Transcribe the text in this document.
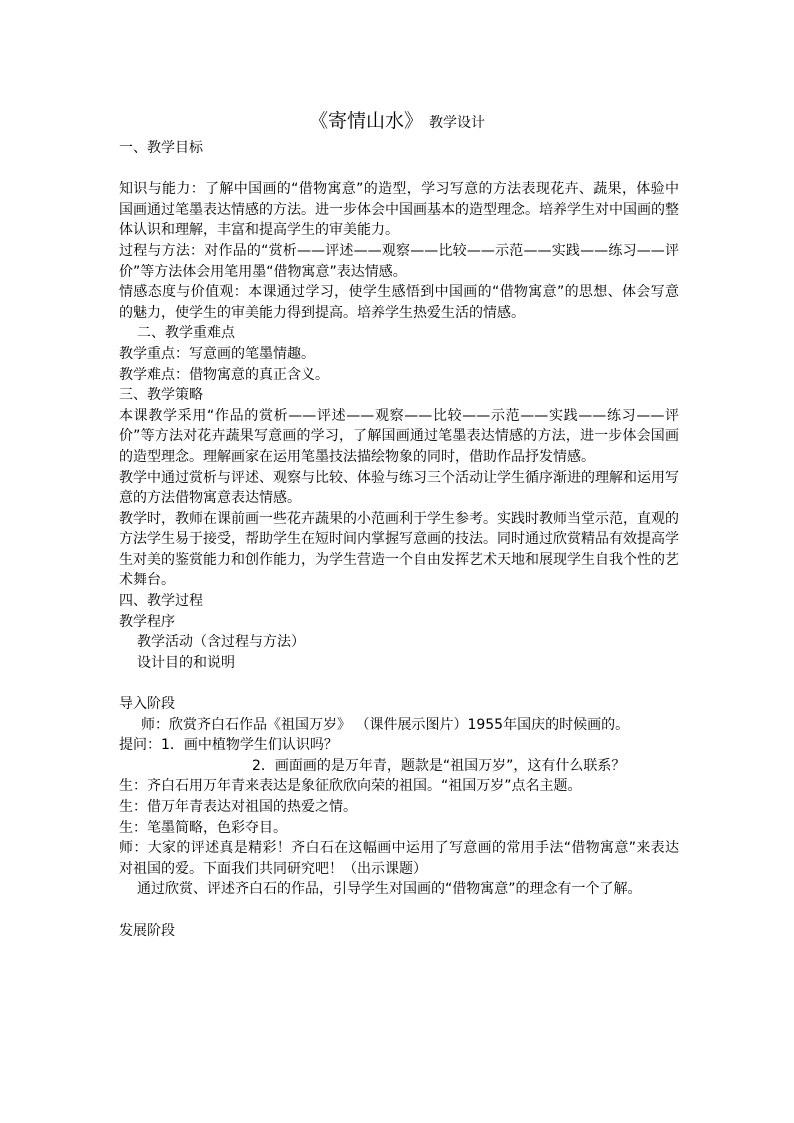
《寄情山水》 教学设计

一、教学目标

知识与能力：了解中国画的“借物寓意”的造型，学习写意的方法表现花卉、蔬果，体验中国画通过笔墨表达情感的方法。进一步体会中国画基本的造型理念。培养学生对中国画的整体认识和理解，丰富和提高学生的审美能力。

过程与方法：对作品的“赏析——评述——观察——比较——示范——实践——练习——评价”等方法体会用笔用墨“借物寓意”表达情感。

情感态度与价值观：本课通过学习，使学生感悟到中国画的“借物寓意”的思想、体会写意的魅力，使学生的审美能力得到提高。培养学生热爱生活的情感。

二、教学重难点

教学重点：写意画的笔墨情趣。

教学难点：借物寓意的真正含义。

三、教学策略

本课教学采用“作品的赏析——评述——观察——比较——示范——实践——练习——评价”等方法对花卉蔬果写意画的学习，了解国画通过笔墨表达情感的方法，进一步体会国画的造型理念。理解画家在运用笔墨技法描绘物象的同时，借助作品抒发情感。

教学中通过赏析与评述、观察与比较、体验与练习三个活动让学生循序渐进的理解和运用写意的方法借物寓意表达情感。

教学时，教师在课前画一些花卉蔬果的小范画利于学生参考。实践时教师当堂示范，直观的方法学生易于接受，帮助学生在短时间内掌握写意画的技法。同时通过欣赏精品有效提高学生对美的鉴赏能力和创作能力，为学生营造一个自由发挥艺术天地和展现学生自我个性的艺术舞台。

四、教学过程

教学程序

教学活动（含过程与方法）

设计目的和说明

导入阶段

师：欣赏齐白石作品《祖国万岁》 （课件展示图片）1955年国庆的时候画的。

提问：1．画中植物学生们认识吗？

2．画面画的是万年青，题款是“祖国万岁”，这有什么联系？

生：齐白石用万年青来表达是象征欣欣向荣的祖国。“祖国万岁”点名主题。

生：借万年青表达对祖国的热爱之情。

生：笔墨简略，色彩夺目。

师：大家的评述真是精彩！齐白石在这幅画中运用了写意画的常用手法“借物寓意”来表达对祖国的爱。下面我们共同研究吧！（出示课题）

通过欣赏、评述齐白石的作品，引导学生对国画的“借物寓意”的理念有一个了解。

发展阶段
